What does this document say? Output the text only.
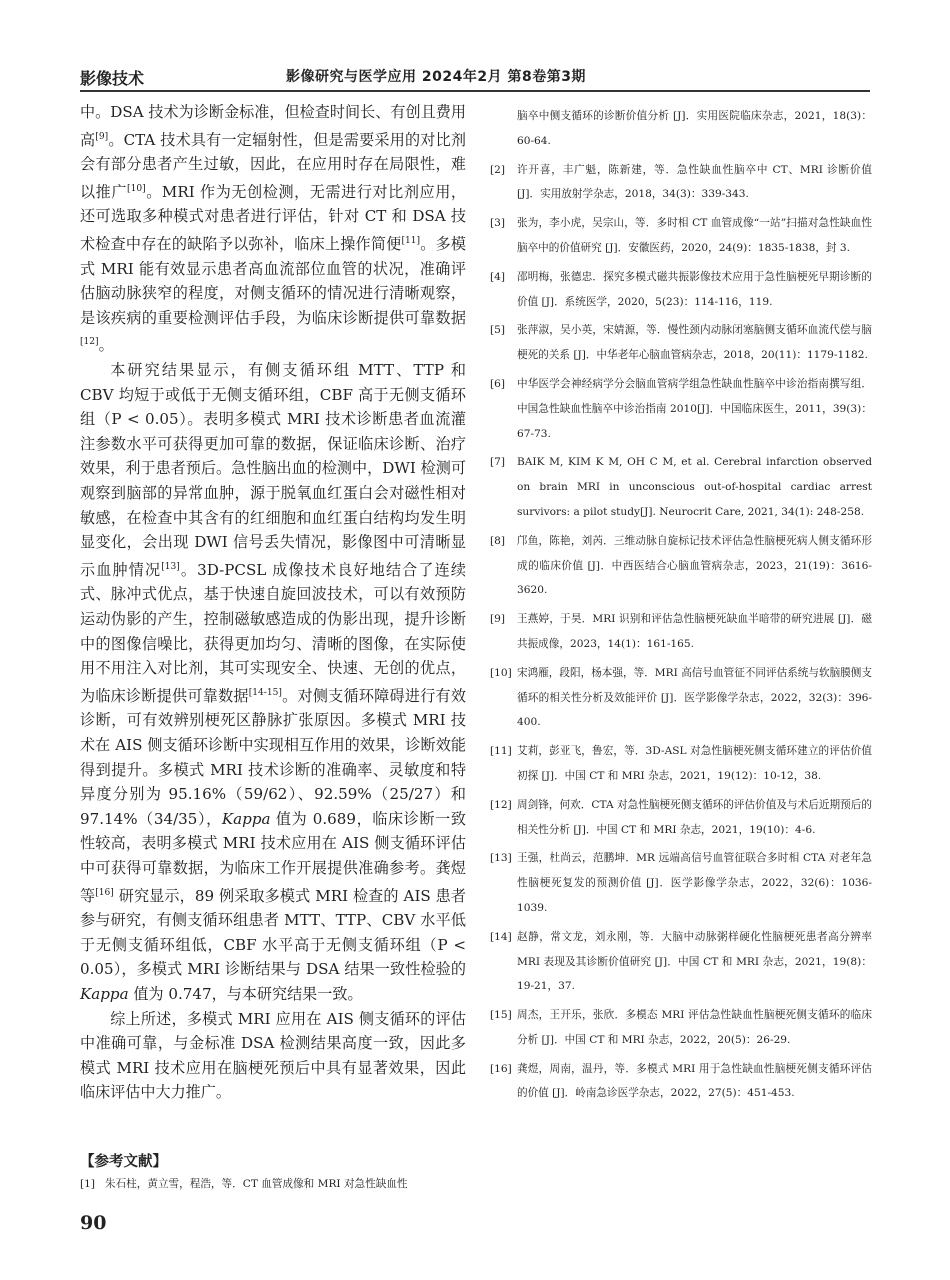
影像技术	影像研究与医学应用 2024年2月 第8卷第3期

中。DSA 技术为诊断金标准，但检查时间长、有创且费用高[9]。CTA 技术具有一定辐射性，但是需要采用的对比剂会有部分患者产生过敏，因此，在应用时存在局限性，难以推广[10]。MRI 作为无创检测，无需进行对比剂应用，还可选取多种模式对患者进行评估，针对 CT 和 DSA 技术检查中存在的缺陷予以弥补，临床上操作简便[11]。多模式 MRI 能有效显示患者高血流部位血管的状况，准确评估脑动脉狭窄的程度，对侧支循环的情况进行清晰观察，是该疾病的重要检测评估手段，为临床诊断提供可靠数据[12]。

本研究结果显示，有侧支循环组 MTT、TTP 和 CBV 均短于或低于无侧支循环组，CBF 高于无侧支循环组（P < 0.05）。表明多模式 MRI 技术诊断患者血流灌注参数水平可获得更加可靠的数据，保证临床诊断、治疗效果，利于患者预后。急性脑出血的检测中，DWI 检测可观察到脑部的异常血肿，源于脱氧血红蛋白会对磁性相对敏感，在检查中其含有的红细胞和血红蛋白结构均发生明显变化，会出现 DWI 信号丢失情况，影像图中可清晰显示血肿情况[13]。3D-PCSL 成像技术良好地结合了连续式、脉冲式优点，基于快速自旋回波技术，可以有效预防运动伪影的产生，控制磁敏感造成的伪影出现，提升诊断中的图像信噪比，获得更加均匀、清晰的图像，在实际使用不用注入对比剂，其可实现安全、快速、无创的优点，为临床诊断提供可靠数据[14-15]。对侧支循环障碍进行有效诊断，可有效辨别梗死区静脉扩张原因。多模式 MRI 技术在 AIS 侧支循环诊断中实现相互作用的效果，诊断效能得到提升。多模式 MRI 技术诊断的准确率、灵敏度和特异度分别为 95.16%（59/62）、92.59%（25/27）和 97.14%（34/35），Kappa 值为 0.689，临床诊断一致性较高，表明多模式 MRI 技术应用在 AIS 侧支循环评估中可获得可靠数据，为临床工作开展提供准确参考。龚煜等[16] 研究显示，89 例采取多模式 MRI 检查的 AIS 患者参与研究，有侧支循环组患者 MTT、TTP、CBV 水平低于无侧支循环组低，CBF 水平高于无侧支循环组（P < 0.05），多模式 MRI 诊断结果与 DSA 结果一致性检验的 Kappa 值为 0.747，与本研究结果一致。

综上所述，多模式 MRI 应用在 AIS 侧支循环的评估中准确可靠，与金标准 DSA 检测结果高度一致，因此多模式 MRI 技术应用在脑梗死预后中具有显著效果，因此临床评估中大力推广。

【参考文献】
[1] 朱石柱，黄立雪，程浩，等．CT 血管成像和 MRI 对急性缺血性
脑卒中侧支循环的诊断价值分析 [J]．实用医院临床杂志，2021，18(3)：60-64.
[2]	许开喜，丰广魁，陈新建，等．急性缺血性脑卒中 CT、MRI 诊断价值 [J]．实用放射学杂志，2018，34(3)：339-343.
[3]	张为，李小虎，吴宗山，等．多时相 CT 血管成像“一站”扫描对急性缺血性脑卒中的价值研究 [J]．安徽医药，2020，24(9)：1835-1838，封 3.
[4]	邵明梅，张德忠．探究多模式磁共振影像技术应用于急性脑梗死早期诊断的价值 [J]．系统医学，2020，5(23)：114-116，119.
[5]	张萍淑，吴小英，宋婧源，等．慢性颈内动脉闭塞脑侧支循环血流代偿与脑梗死的关系 [J]．中华老年心脑血管病杂志，2018，20(11)：1179-1182.
[6]	中华医学会神经病学分会脑血管病学组急性缺血性脑卒中诊治指南撰写组．中国急性缺血性脑卒中诊治指南 2010[J]．中国临床医生，2011，39(3)：67-73.
[7]	BAIK M, KIM K M, OH C M, et al. Cerebral infarction observed on brain MRI in unconscious out-of-hospital cardiac arrest survivors: a pilot study[J]. Neurocrit Care, 2021, 34(1): 248-258.
[8]	邝鱼，陈艳，刘芮．三维动脉自旋标记技术评估急性脑梗死病人侧支循环形成的临床价值 [J]．中西医结合心脑血管病杂志，2023，21(19)：3616-3620.
[9]	王燕婷，于昊．MRI 识别和评估急性脑梗死缺血半暗带的研究进展 [J]．磁共振成像，2023，14(1)：161-165.
[10] 宋鸿雁，段阳，杨本强，等．MRI 高信号血管征不同评估系统与软脑膜侧支循环的相关性分析及效能评价 [J]．医学影像学杂志，2022，32(3)：396-400.
[11] 艾莉，彭亚飞，鲁宏，等．3D-ASL 对急性脑梗死侧支循环建立的评估价值初探 [J]．中国 CT 和 MRI 杂志，2021，19(12)：10-12，38.
[12] 周剑锋，何欢．CTA 对急性脑梗死侧支循环的评估价值及与术后近期预后的相关性分析 [J]．中国 CT 和 MRI 杂志，2021，19(10)：4-6.
[13] 王强，杜尚云，范鹏坤．MR 远端高信号血管征联合多时相 CTA 对老年急性脑梗死复发的预测价值 [J]．医学影像学杂志，2022，32(6)：1036-1039.
[14] 赵静，常文龙，刘永刚，等．大脑中动脉粥样硬化性脑梗死患者高分辨率 MRI 表现及其诊断价值研究 [J]．中国 CT 和 MRI 杂志，2021，19(8)：19-21，37.
[15] 周杰，王开乐，张欣．多模态 MRI 评估急性缺血性脑梗死侧支循环的临床分析 [J]．中国 CT 和 MRI 杂志，2022，20(5)：26-29.
[16] 龚煜，周南，温丹，等．多模式 MRI 用于急性缺血性脑梗死侧支循环评估的价值 [J]．岭南急诊医学杂志，2022，27(5)：451-453.
90
